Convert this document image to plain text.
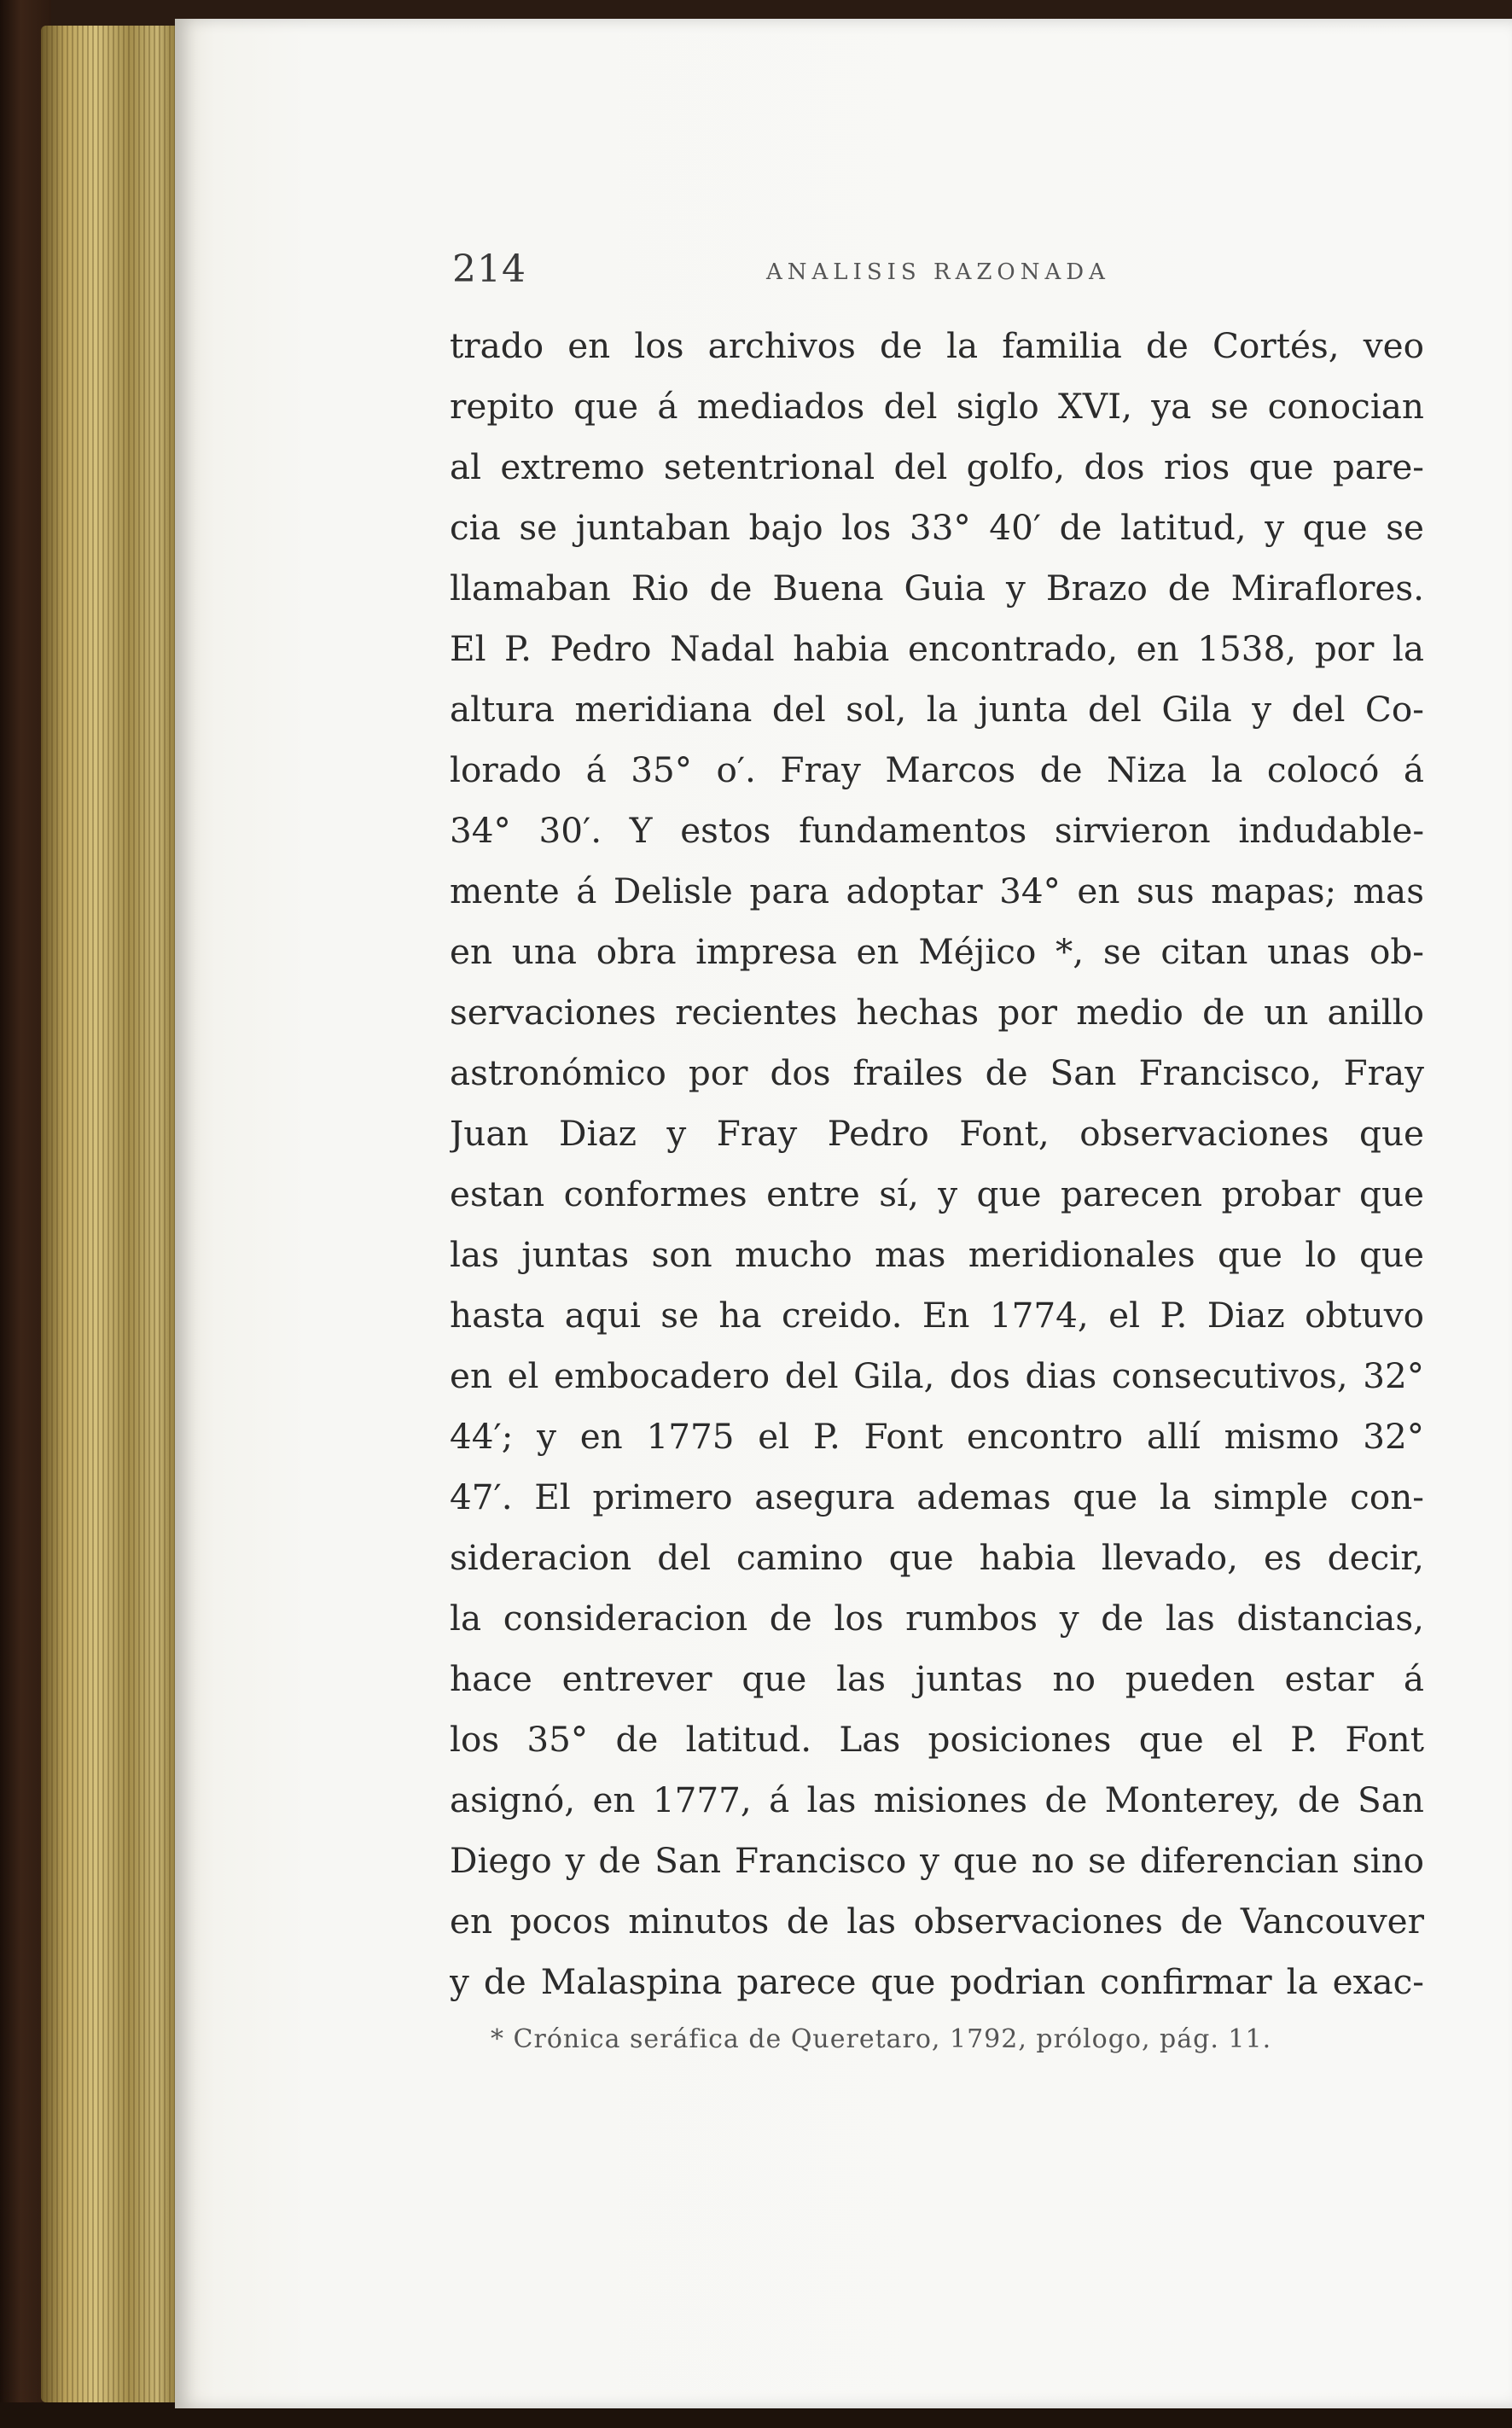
214	ANALISIS RAZONADA
trado en los archivos de la familia de Cortés, veo
repito que á mediados del siglo XVI, ya se conocian
al extremo setentrional del golfo, dos rios que pare-
cia se juntaban bajo los 33° 40′ de latitud, y que se
llamaban Rio de Buena Guia y Brazo de Miraflores.
El P. Pedro Nadal habia encontrado, en 1538, por la
altura meridiana del sol, la junta del Gila y del Co-
lorado á 35° o′. Fray Marcos de Niza la colocó á
34° 30′. Y estos fundamentos sirvieron indudable-
mente á Delisle para adoptar 34° en sus mapas; mas
en una obra impresa en Méjico *, se citan unas ob-
servaciones recientes hechas por medio de un anillo
astronómico por dos frailes de San Francisco, Fray
Juan Diaz y Fray Pedro Font, observaciones que
estan conformes entre sí, y que parecen probar que
las juntas son mucho mas meridionales que lo que
hasta aqui se ha creido. En 1774, el P. Diaz obtuvo
en el embocadero del Gila, dos dias consecutivos, 32°
44′; y en 1775 el P. Font encontro allí mismo 32°
47′. El primero asegura ademas que la simple con-
sideracion del camino que habia llevado, es decir,
la consideracion de los rumbos y de las distancias,
hace entrever que las juntas no pueden estar á
los 35° de latitud. Las posiciones que el P. Font
asignó, en 1777, á las misiones de Monterey, de San
Diego y de San Francisco y que no se diferencian sino
en pocos minutos de las observaciones de Vancouver
y de Malaspina parece que podrian confirmar la exac-
* Crónica seráfica de Queretaro, 1792, prólogo, pág. 11.
